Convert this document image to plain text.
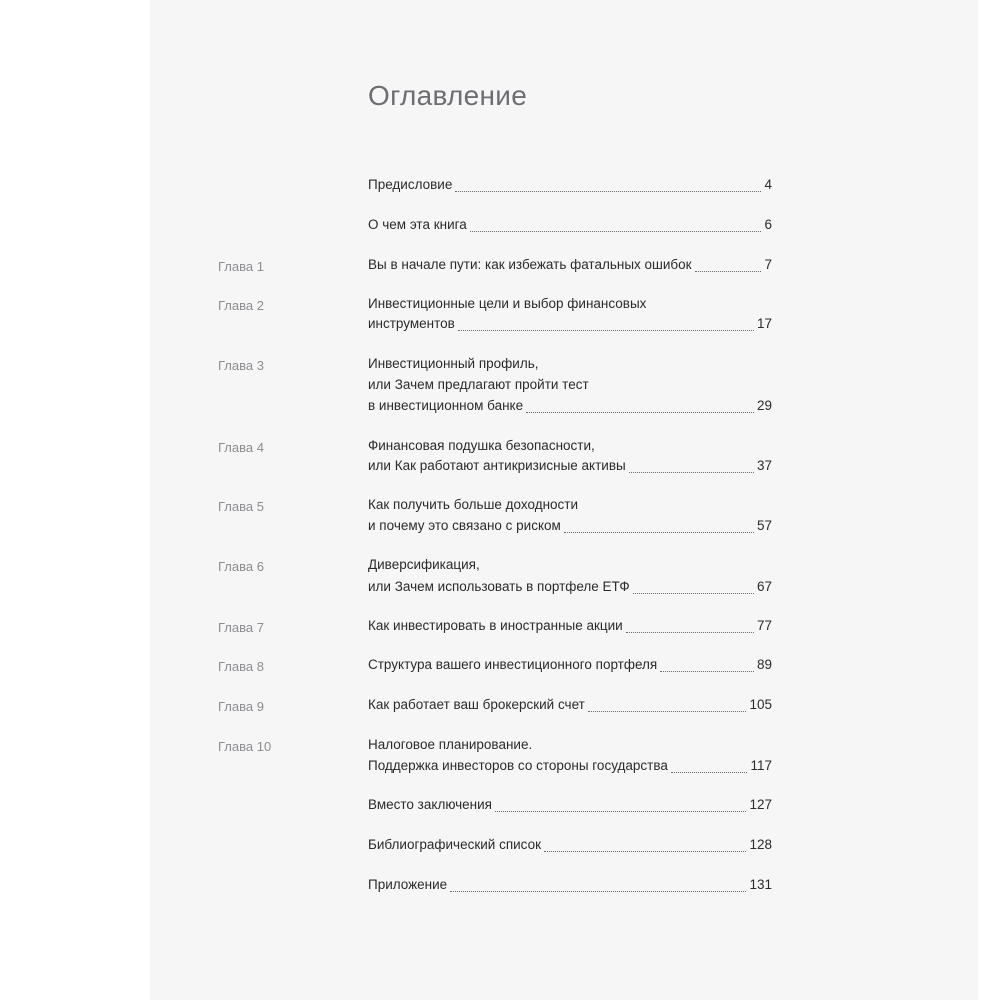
Оглавление
Предисловие	4
О чем эта книга	6
Глава 1	Вы в начале пути: как избежать фатальных ошибок	7
Глава 2	Инвестиционные цели и выбор финансовых
инструментов	17
Глава 3	Инвестиционный профиль,
или Зачем предлагают пройти тест
в инвестиционном банке	29
Глава 4	Финансовая подушка безопасности,
или Как работают антикризисные активы	37
Глава 5	Как получить больше доходности
и почему это связано с риском	57
Глава 6	Диверсификация,
или Зачем использовать в портфеле ЕТФ	67
Глава 7	Как инвестировать в иностранные акции	77
Глава 8	Структура вашего инвестиционного портфеля	89
Глава 9	Как работает ваш брокерский счет	105
Глава 10	Налоговое планирование.
Поддержка инвесторов со стороны государства	117
Вместо заключения	127
Библиографический список	128
Приложение	131
